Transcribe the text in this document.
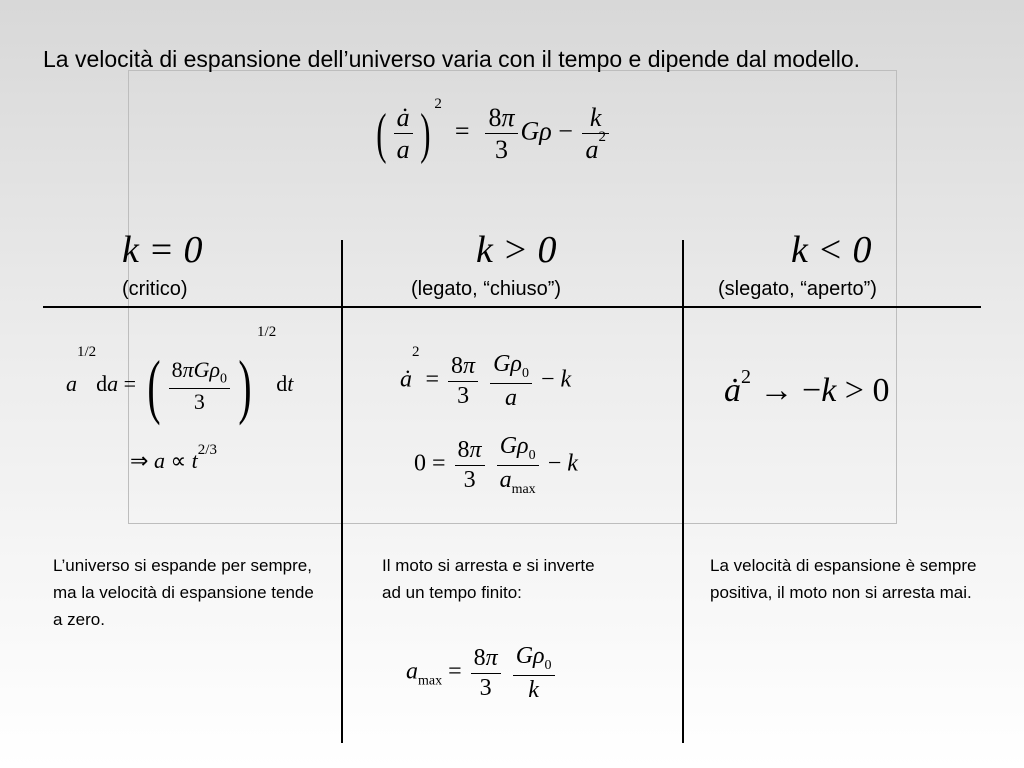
La velocità di espansione dell’universo varia con il tempo e dipende dal modello.
( $\frac{ȧ}{a}$ ) $^2 = \frac{8\pi}{3}$ $G\rho - \frac{k}{a^2}$
k = 0
(critico)
k > 0
(legato, “chiuso”)
k < 0
(slegato, “aperto”)
$a^{1/2}da$ = ( $\frac{8\pi G\rho_0}{3} )^{1/2}dt$
⇒ $a \propto t^{2/3}$
$ȧ^2 = \frac{8\pi}{3}$
$\frac{G\rho_0}{a} - k$
$0 = \frac{8\pi}{3}$
$\frac{G\rho_0}{a_{max}} - k$
$ȧ^2 \to -k > 0$
L’universo si espande per sempre, ma la velocità di espansione tende a zero.
Il moto si arresta e si inverte ad un tempo finito:
La velocità di espansione è sempre positiva, il moto non si arresta mai.
$a_{max} = \frac{8\pi}{3}$
$\frac{G\rho_0}{k}$
